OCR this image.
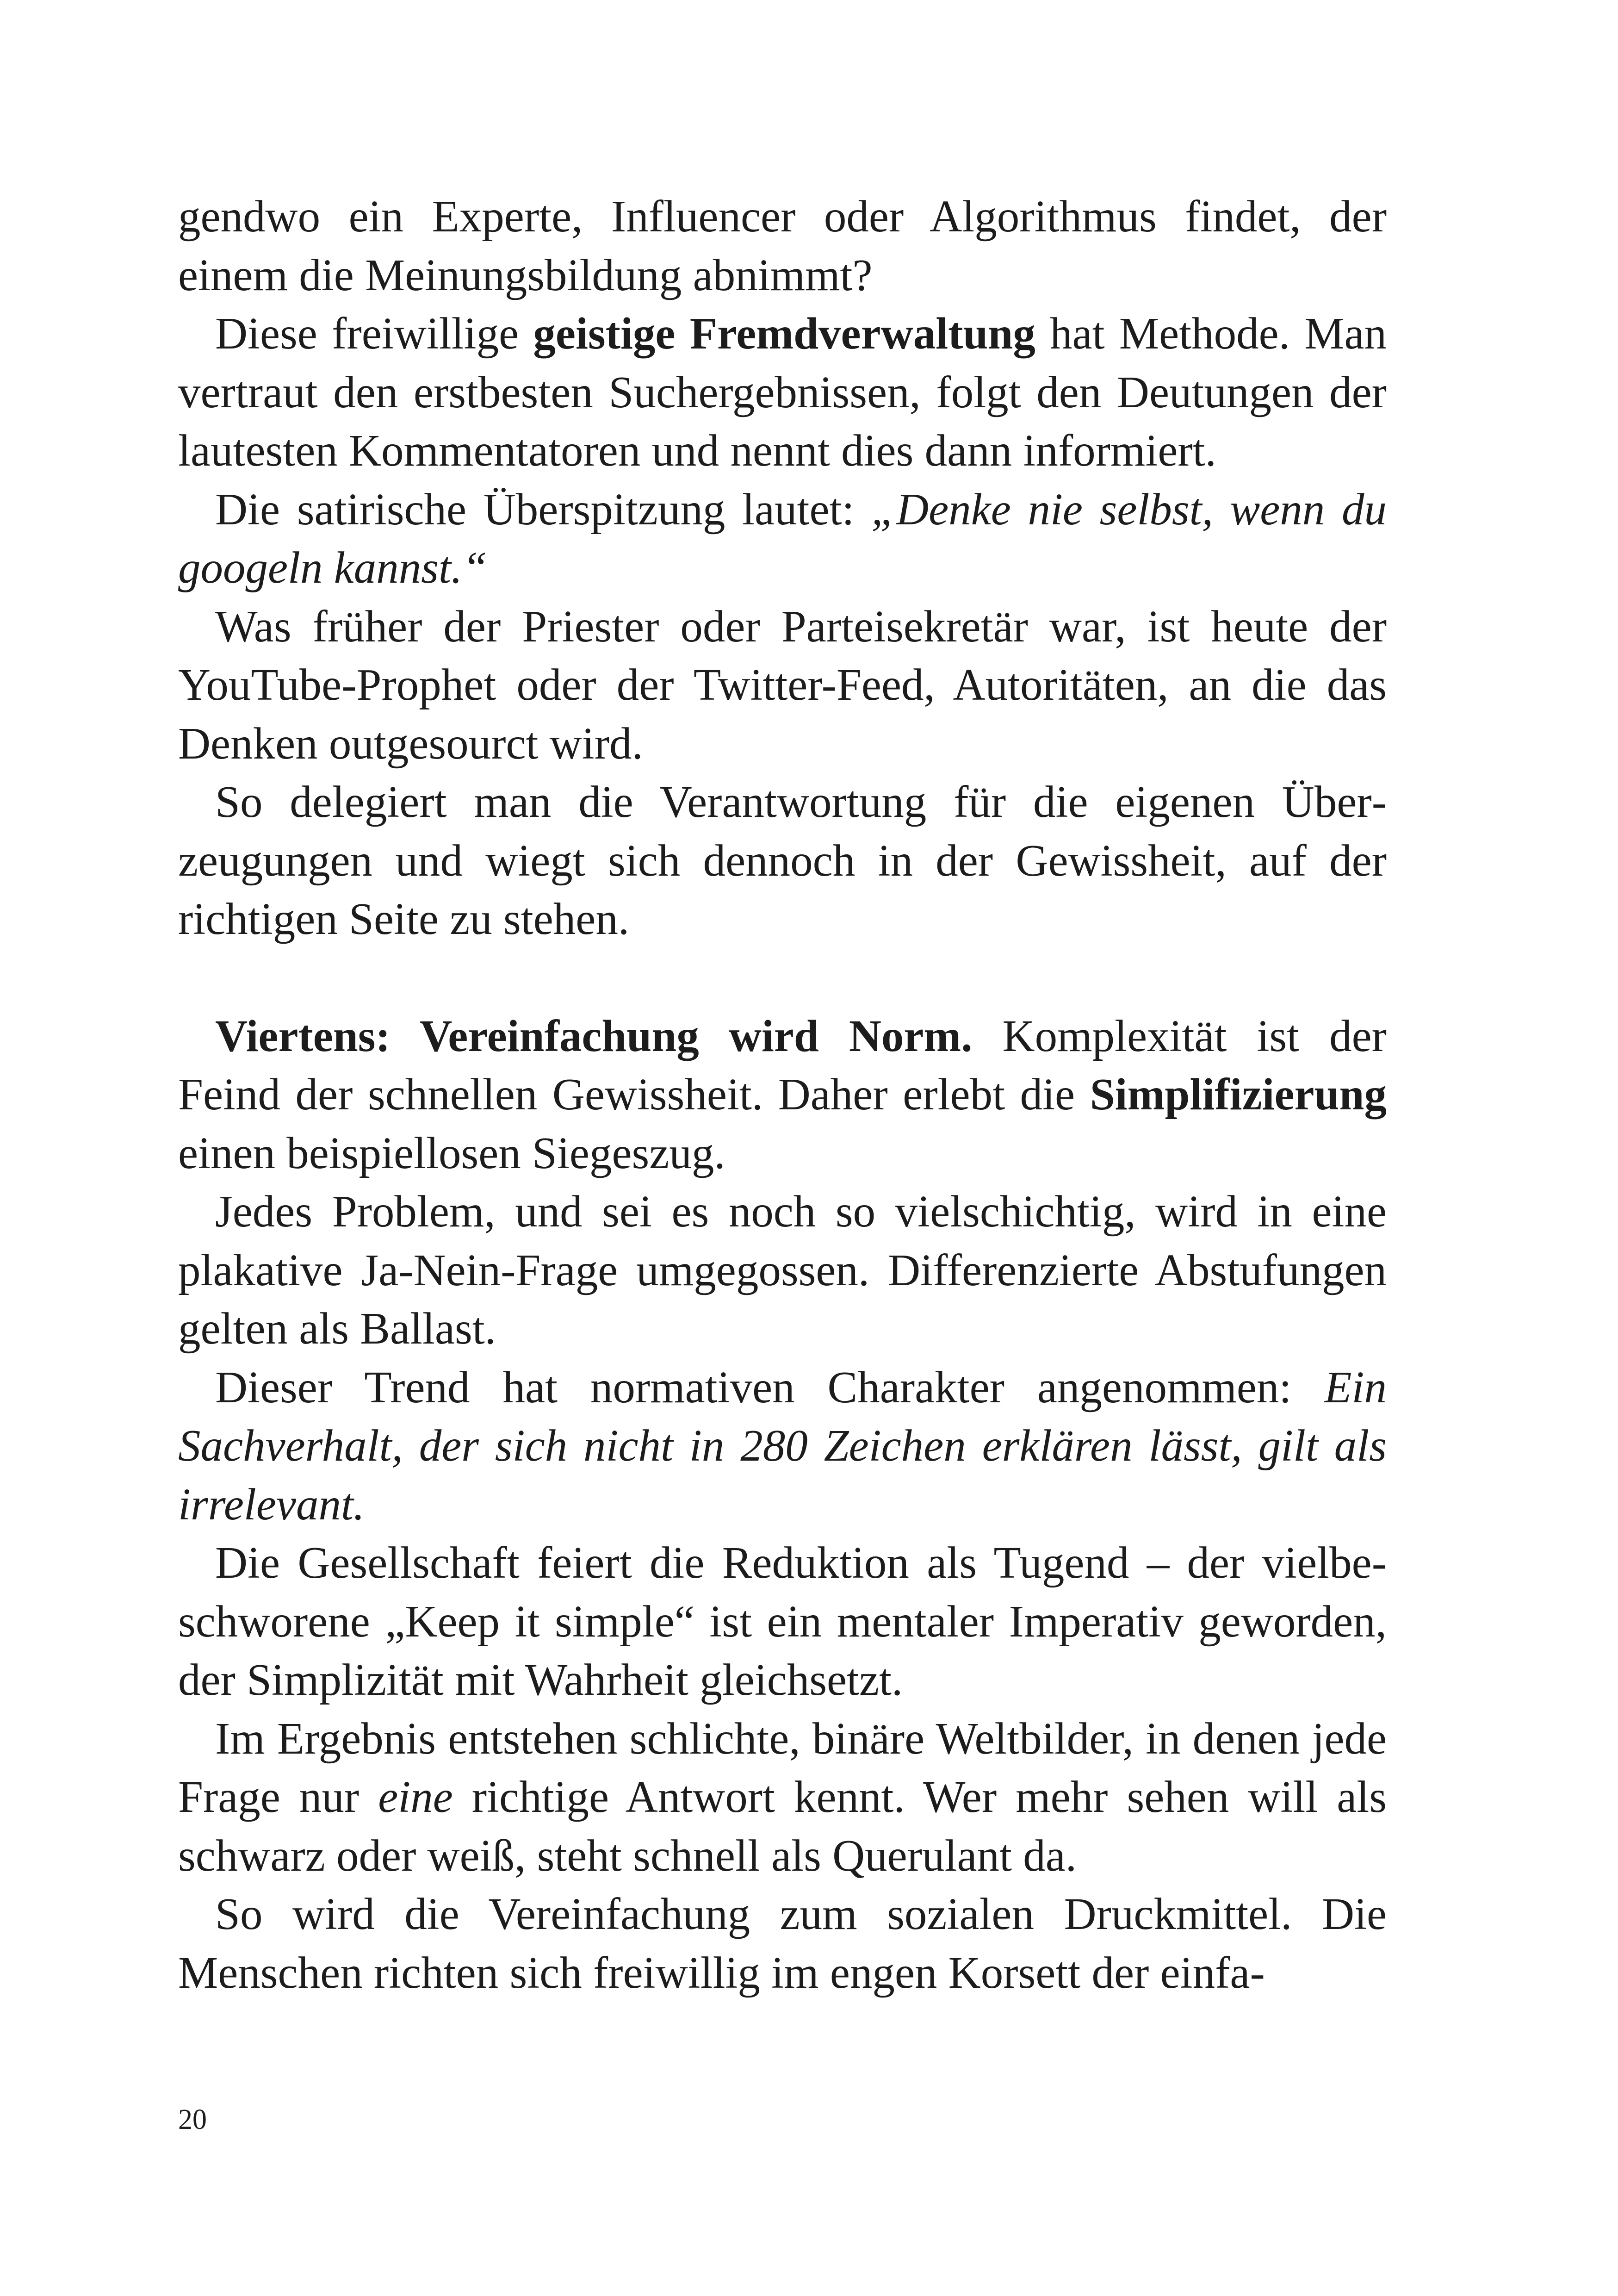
gendwo ein Experte, Influencer oder Algorithmus findet, der einem die Meinungsbildung abnimmt?

Diese freiwillige geistige Fremdverwaltung hat Methode. Man vertraut den erstbesten Suchergebnissen, folgt den Deutungen der lautesten Kommentatoren und nennt dies dann informiert.

Die satirische Überspitzung lautet: „Denke nie selbst, wenn du googeln kannst.“

Was früher der Priester oder Parteisekretär war, ist heute der YouTube-Prophet oder der Twitter-Feed, Autoritäten, an die das Denken outgesourct wird.

So delegiert man die Verantwortung für die eigenen Überzeugungen und wiegt sich dennoch in der Gewissheit, auf der richtigen Seite zu stehen.

Viertens: Vereinfachung wird Norm. Komplexität ist der Feind der schnellen Gewissheit. Daher erlebt die Simplifizierung einen beispiellosen Siegeszug.

Jedes Problem, und sei es noch so vielschichtig, wird in eine plakative Ja-Nein-Frage umgegossen. Differenzierte Abstufungen gelten als Ballast.

Dieser Trend hat normativen Charakter angenommen: Ein Sachverhalt, der sich nicht in 280 Zeichen erklären lässt, gilt als irrelevant.

Die Gesellschaft feiert die Reduktion als Tugend – der vielbeschworene „Keep it simple“ ist ein mentaler Imperativ geworden, der Simplizität mit Wahrheit gleichsetzt.

Im Ergebnis entstehen schlichte, binäre Weltbilder, in denen jede Frage nur eine richtige Antwort kennt. Wer mehr sehen will als schwarz oder weiß, steht schnell als Querulant da.

So wird die Vereinfachung zum sozialen Druckmittel. Die Menschen richten sich freiwillig im engen Korsett der einfa-

20
